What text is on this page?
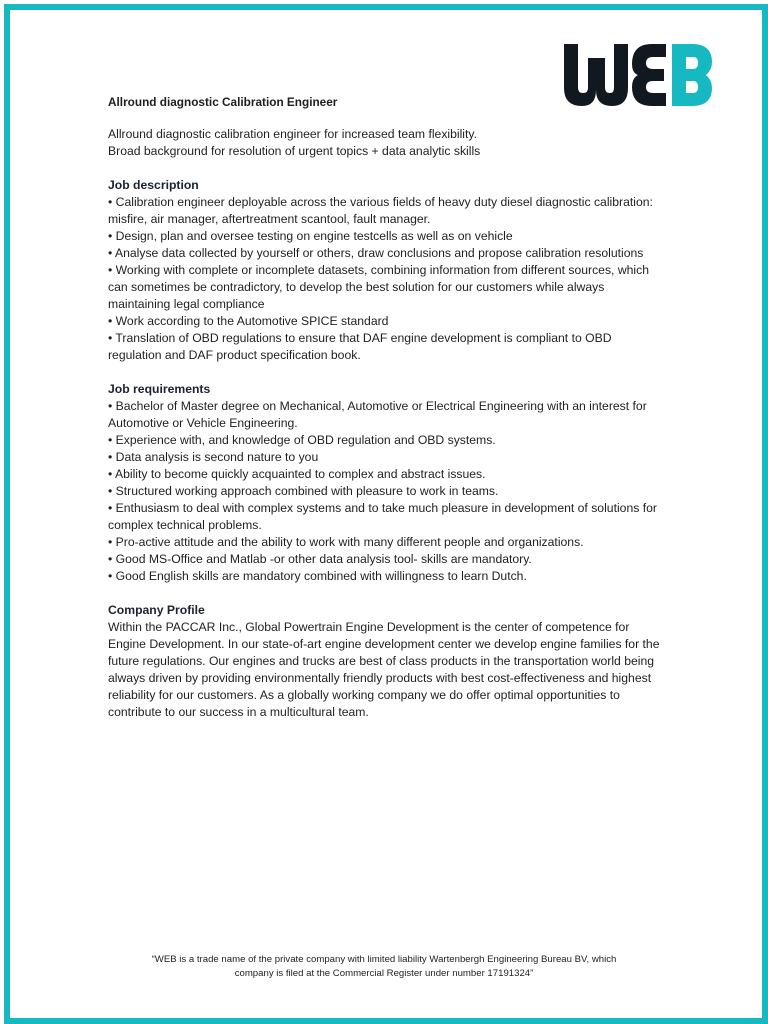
Allround diagnostic Calibration Engineer
Allround diagnostic calibration engineer for increased team flexibility.
Broad background for resolution of urgent topics + data analytic skills
Job description
• Calibration engineer deployable across the various fields of heavy duty diesel diagnostic calibration: misfire, air manager, aftertreatment scantool, fault manager.
• Design, plan and oversee testing on engine testcells as well as on vehicle
• Analyse data collected by yourself or others, draw conclusions and propose calibration resolutions
• Working with complete or incomplete datasets, combining information from different sources, which can sometimes be contradictory, to develop the best solution for our customers while always maintaining legal compliance
• Work according to the Automotive SPICE standard
• Translation of OBD regulations to ensure that DAF engine development is compliant to OBD regulation and DAF product specification book.
Job requirements
• Bachelor of Master degree on Mechanical, Automotive or Electrical Engineering with an interest for Automotive or Vehicle Engineering.
• Experience with, and knowledge of OBD regulation and OBD systems.
• Data analysis is second nature to you
• Ability to become quickly acquainted to complex and abstract issues.
• Structured working approach combined with pleasure to work in teams.
• Enthusiasm to deal with complex systems and to take much pleasure in development of solutions for complex technical problems.
• Pro-active attitude and the ability to work with many different people and organizations.
• Good MS-Office and Matlab -or other data analysis tool- skills are mandatory.
• Good English skills are mandatory combined with willingness to learn Dutch.
Company Profile
Within the PACCAR Inc., Global Powertrain Engine Development is the center of competence for Engine Development. In our state-of-art engine development center we develop engine families for the future regulations. Our engines and trucks are best of class products in the transportation world being always driven by providing environmentally friendly products with best cost-effectiveness and highest reliability for our customers. As a globally working company we do offer optimal opportunities to contribute to our success in a multicultural team.
“WEB is a trade name of the private company with limited liability Wartenbergh Engineering Bureau BV, which
company is filed at the Commercial Register under number 17191324”
